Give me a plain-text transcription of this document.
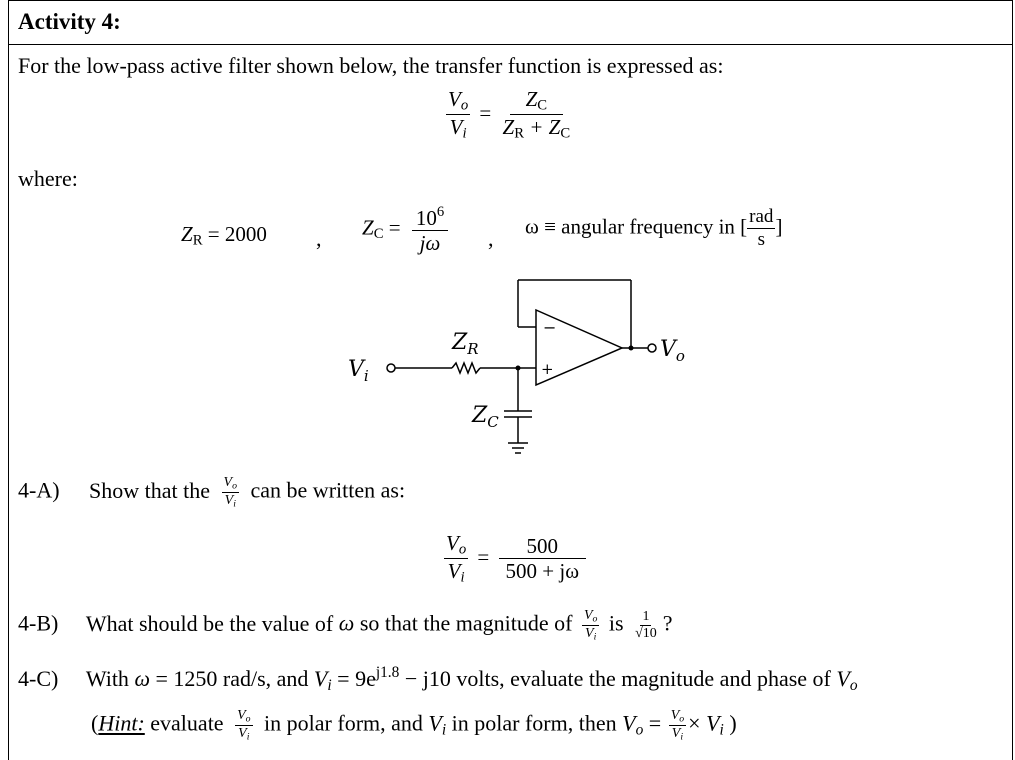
Activity 4:
For the low-pass active filter shown below, the transfer function is expressed as:
$\frac{V_o}{V_i} = \frac{Z_C}{Z_R + Z_C}$
where:
$Z_R = 2000$ , $Z_C = \frac{10^6}{j\omega}$ , ω ≡ angular frequency in [ $\frac{\text{rad}}{s}$ ]
−
+
$V_i$
$Z_R$
$Z_C$
$V_o$
4-A) Show that the $\frac{V_o}{V_i}$ can be written as:
$\frac{V_o}{V_i} = \frac{500}{500 + j\omega}$
4-B) What should be the value of ω so that the magnitude of $\frac{V_o}{V_i}$ is $\frac{1}{√10}$ ?
4-C) With ω = 1250 rad/s, and $V_i = 9e^{j1.8} - j10$ volts, evaluate the magnitude and phase of $V_o$
(Hint: evaluate $\frac{V_o}{V_i}$ in polar form, and $V_i$ in polar form, then $V_o = \frac{V_o}{V_i} \times V_i$ )
